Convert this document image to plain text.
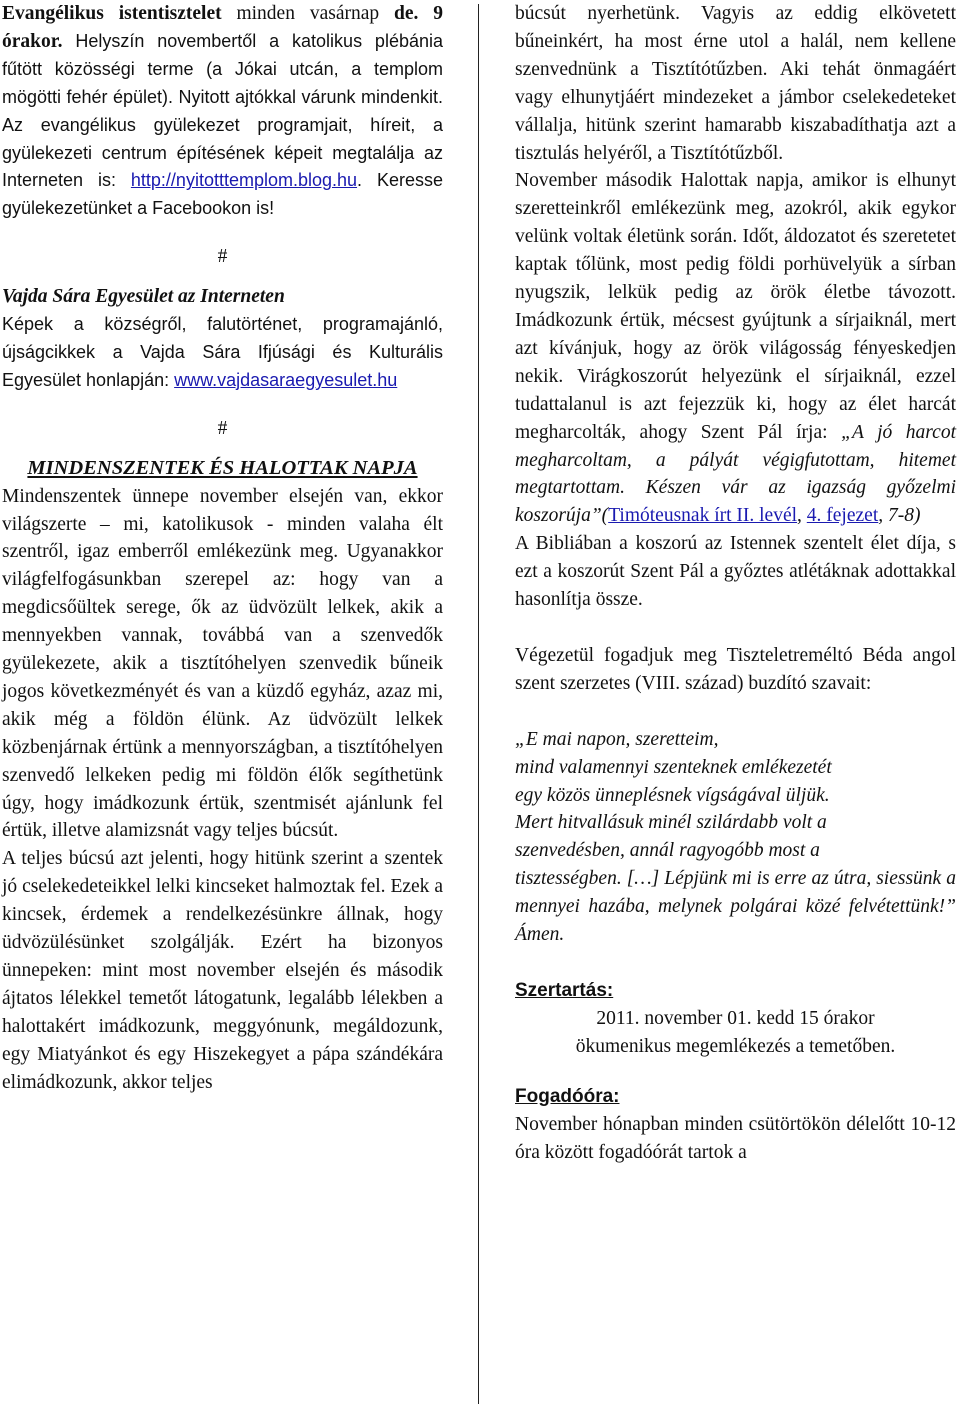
Evangélikus istentisztelet minden vasárnap de. 9 órakor. Helyszín novembertől a katolikus plébánia fűtött közösségi terme (a Jókai utcán, a templom mögötti fehér épület). Nyitott ajtókkal várunk mindenkit. Az evangélikus gyülekezet programjait, híreit, a gyülekezeti centrum építésének képeit megtalálja az Interneten is: http://nyitotttemplom.blog.hu. Keresse gyülekezetünket a Facebookon is!

#

Vajda Sára Egyesület az Interneten

Képek a községről, falutörténet, programajánló, újságcikkek a Vajda Sára Ifjúsági és Kulturális Egyesület honlapján: www.vajdasaraegyesulet.hu

#

MINDENSZENTEK ÉS HALOTTAK NAPJA

Mindenszentek ünnepe november elsején van, ekkor világszerte – mi, katolikusok - minden valaha élt szentről, igaz emberről emlékezünk meg. Ugyanakkor világfelfogásunkban szerepel az: hogy van a megdicsőültek serege, ők az üdvözült lelkek, akik a mennyekben vannak, továbbá van a szenvedők gyülekezete, akik a tisztítóhelyen szenvedik bűneik jogos következményét és van a küzdő egyház, azaz mi, akik még a földön élünk. Az üdvözült lelkek közbenjárnak értünk a mennyországban, a tisztítóhelyen szenvedő lelkeken pedig mi földön élők segíthetünk úgy, hogy imádkozunk értük, szentmisét ajánlunk fel értük, illetve alamizsnát vagy teljes búcsút.

A teljes búcsú azt jelenti, hogy hitünk szerint a szentek jó cselekedeteikkel lelki kincseket halmoztak fel. Ezek a kincsek, érdemek a rendelkezésünkre állnak, hogy üdvözülésünket szolgálják. Ezért ha bizonyos ünnepeken: mint most november elsején és második ájtatos lélekkel temetőt látogatunk, legalább lélekben a halottakért imádkozunk, meggyónunk, megáldozunk, egy Miatyánkot és egy Hiszekegyet a pápa szándékára elimádkozunk, akkor teljes

búcsút nyerhetünk. Vagyis az eddig elkövetett bűneinkért, ha most érne utol a halál, nem kellene szenvednünk a Tisztítótűzben. Aki tehát önmagáért vagy elhunytjáért mindezeket a jámbor cselekedeteket vállalja, hitünk szerint hamarabb kiszabadíthatja azt a tisztulás helyéről, a Tisztítótűzből.

November második Halottak napja, amikor is elhunyt szeretteinkről emlékezünk meg, azokról, akik egykor velünk voltak életünk során. Időt, áldozatot és szeretetet kaptak tőlünk, most pedig földi porhüvelyük a sírban nyugszik, lelkük pedig az örök életbe távozott. Imádkozunk értük, mécsest gyújtunk a sírjaiknál, mert azt kívánjuk, hogy az örök világosság fényeskedjen nekik. Virágkoszorút helyezünk el sírjaiknál, ezzel tudattalanul is azt fejezzük ki, hogy az élet harcát megharcolták, ahogy Szent Pál írja: „A jó harcot megharcoltam, a pályát végigfutottam, hitemet megtartottam. Készen vár az igazság győzelmi koszorúja”(Timóteusnak írt II. levél, 4. fejezet, 7-8)

A Bibliában a koszorú az Istennek szentelt élet díja, s ezt a koszorút Szent Pál a győztes atlétáknak adottakkal hasonlítja össze.

Végezetül fogadjuk meg Tiszteletreméltó Béda angol szent szerzetes (VIII. század) buzdító szavait:

„E mai napon, szeretteim,
mind valamennyi szenteknek emlékezetét
egy közös ünneplésnek vígságával üljük.
Mert hitvallásuk minél szilárdabb volt a
szenvedésben, annál ragyogóbb most a

tisztességben. […] Lépjünk mi is erre az útra, siessünk a mennyei hazába, melynek polgárai közé felvétettünk!” Ámen.

Szertartás:

2011. november 01. kedd 15 órakor

ökumenikus megemlékezés a temetőben.

Fogadóóra:

November hónapban minden csütörtökön délelőtt 10-12 óra között fogadóórát tartok a
